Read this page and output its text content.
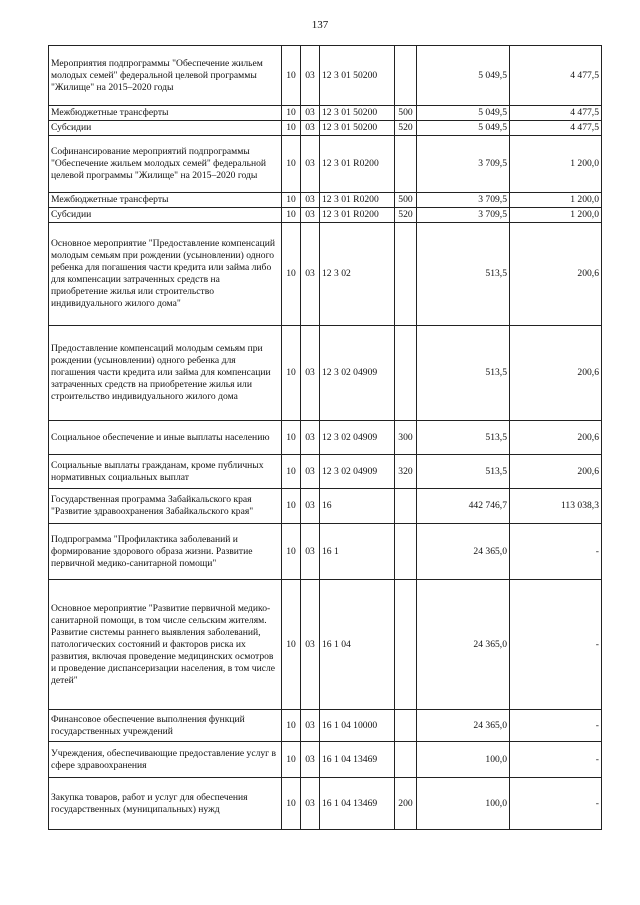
137
Мероприятия подпрограммы "Обеспечение жильем молодых семей" федеральной целевой программы "Жилище" на 2015–2020 годы	10	03	12 3 01 50200		5 049,5	4 477,5
Межбюджетные трансферты	10	03	12 3 01 50200	500	5 049,5	4 477,5
Субсидии	10	03	12 3 01 50200	520	5 049,5	4 477,5
Софинансирование мероприятий подпрограммы "Обеспечение жильем молодых семей" федеральной целевой программы "Жилище" на 2015–2020 годы	10	03	12 3 01 R0200		3 709,5	1 200,0
Межбюджетные трансферты	10	03	12 3 01 R0200	500	3 709,5	1 200,0
Субсидии	10	03	12 3 01 R0200	520	3 709,5	1 200,0
Основное мероприятие "Предоставление компенсаций молодым семьям при рождении (усыновлении) одного ребенка для погашения части кредита или займа либо для компенсации затраченных средств на приобретение жилья или строительство индивидуального жилого дома"	10	03	12 3 02		513,5	200,6
Предоставление компенсаций молодым семьям при рождении (усыновлении) одного ребенка для погашения части кредита или займа для компенсации затраченных средств на приобретение жилья или строительство индивидуального жилого дома	10	03	12 3 02 04909		513,5	200,6
Социальное обеспечение и иные выплаты населению	10	03	12 3 02 04909	300	513,5	200,6
Социальные выплаты гражданам, кроме публичных нормативных социальных выплат	10	03	12 3 02 04909	320	513,5	200,6
Государственная программа Забайкальского края "Развитие здравоохранения Забайкальского края"	10	03	16		442 746,7	113 038,3
Подпрограмма "Профилактика заболеваний и формирование здорового образа жизни. Развитие первичной медико-санитарной помощи"	10	03	16 1		24 365,0	-
Основное мероприятие "Развитие первичной медико-санитарной помощи, в том числе сельским жителям. Развитие системы раннего выявления заболеваний, патологических состояний и факторов риска их развития, включая проведение медицинских осмотров и проведение диспансеризации населения, в том числе детей"	10	03	16 1 04		24 365,0	-
Финансовое обеспечение выполнения функций государственных учреждений	10	03	16 1 04 10000		24 365,0	-
Учреждения, обеспечивающие предоставление услуг в сфере здравоохранения	10	03	16 1 04 13469		100,0	-
Закупка товаров, работ и услуг для обеспечения государственных (муниципальных) нужд	10	03	16 1 04 13469	200	100,0	-
